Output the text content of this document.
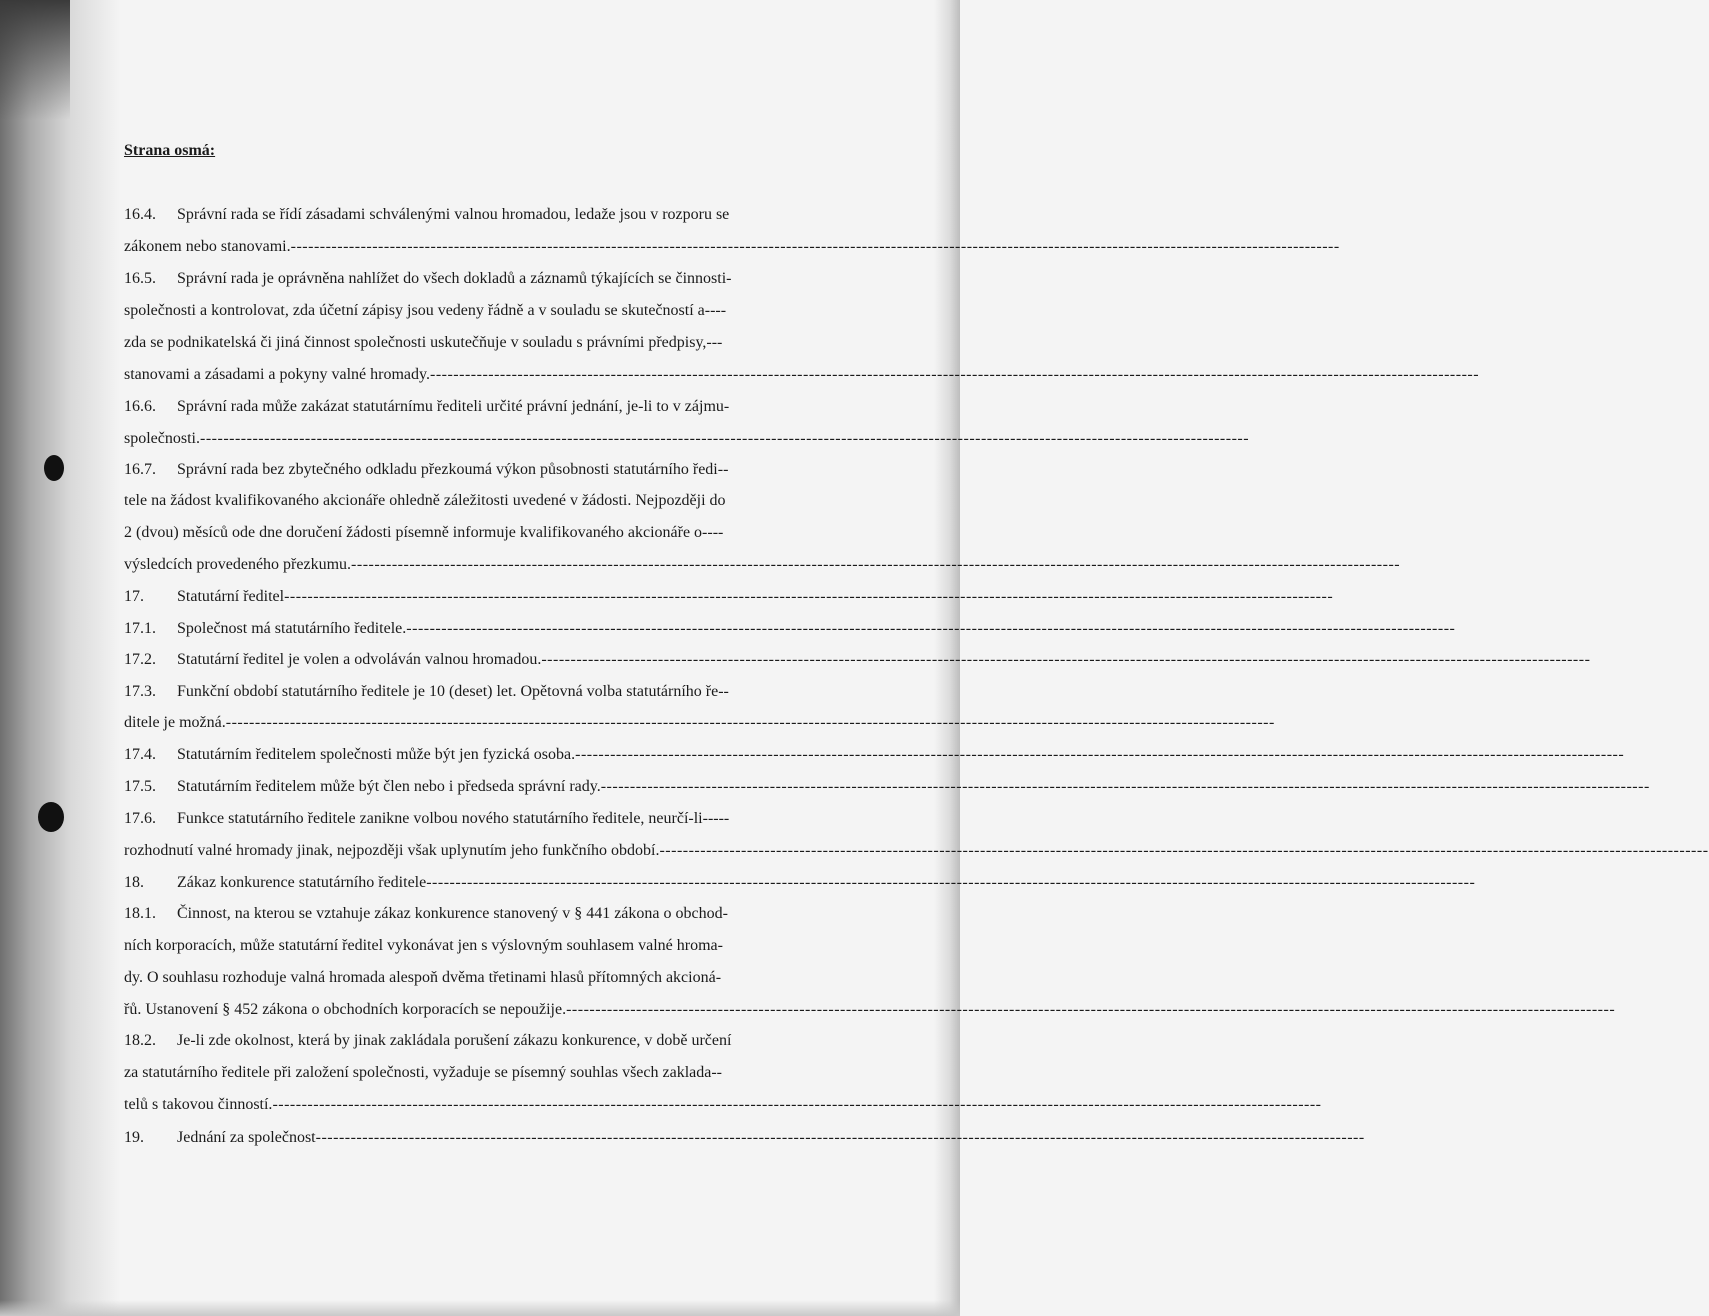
Strana osmá:
16.4.	Správní rada se řídí zásadami schválenými valnou hromadou, ledaže jsou v rozporu se
zákonem nebo stanovami.
-----
16.5.	Správní rada je oprávněna nahlížet do všech dokladů a záznamů týkajících se činnosti-
společnosti a kontrolovat, zda účetní zápisy jsou vedeny řádně a v souladu se skutečností a----
zda se podnikatelská či jiná činnost společnosti uskutečňuje v souladu s právními předpisy,---
stanovami a zásadami a pokyny valné hromady.
-----
16.6.	Správní rada může zakázat statutárnímu řediteli určité právní jednání, je-li to v zájmu-
společnosti.
-----
16.7.	Správní rada bez zbytečného odkladu přezkoumá výkon působnosti statutárního ředi--
tele na žádost kvalifikovaného akcionáře ohledně záležitosti uvedené v žádosti. Nejpozději do
2 (dvou) měsíců ode dne doručení žádosti písemně informuje kvalifikovaného akcionáře o----
výsledcích provedeného přezkumu.
-----
17.	Statutární ředitel
-----
17.1.	Společnost má statutárního ředitele.
-----
17.2.	Statutární ředitel je volen a odvoláván valnou hromadou.
-----
17.3.	Funkční období statutárního ředitele je 10 (deset) let. Opětovná volba statutárního ře--
ditele je možná.
-----
17.4.	Statutárním ředitelem společnosti může být jen fyzická osoba.
-----
17.5.	Statutárním ředitelem může být člen nebo i předseda správní rady.
-----
17.6.	Funkce statutárního ředitele zanikne volbou nového statutárního ředitele, neurčí-li-----
rozhodnutí valné hromady jinak, nejpozději však uplynutím jeho funkčního období.
-----
18.	Zákaz konkurence statutárního ředitele
-----
18.1.	Činnost, na kterou se vztahuje zákaz konkurence stanovený v § 441 zákona o obchod-
ních korporacích, může statutární ředitel vykonávat jen s výslovným souhlasem valné hroma-
dy. O souhlasu rozhoduje valná hromada alespoň dvěma třetinami hlasů přítomných akcioná-
řů. Ustanovení § 452 zákona o obchodních korporacích se nepoužije.
-----
18.2.	Je-li zde okolnost, která by jinak zakládala porušení zákazu konkurence, v době určení
za statutárního ředitele při založení společnosti, vyžaduje se písemný souhlas všech zaklada--
telů s takovou činností.
-----
19.	Jednání za společnost
-----
